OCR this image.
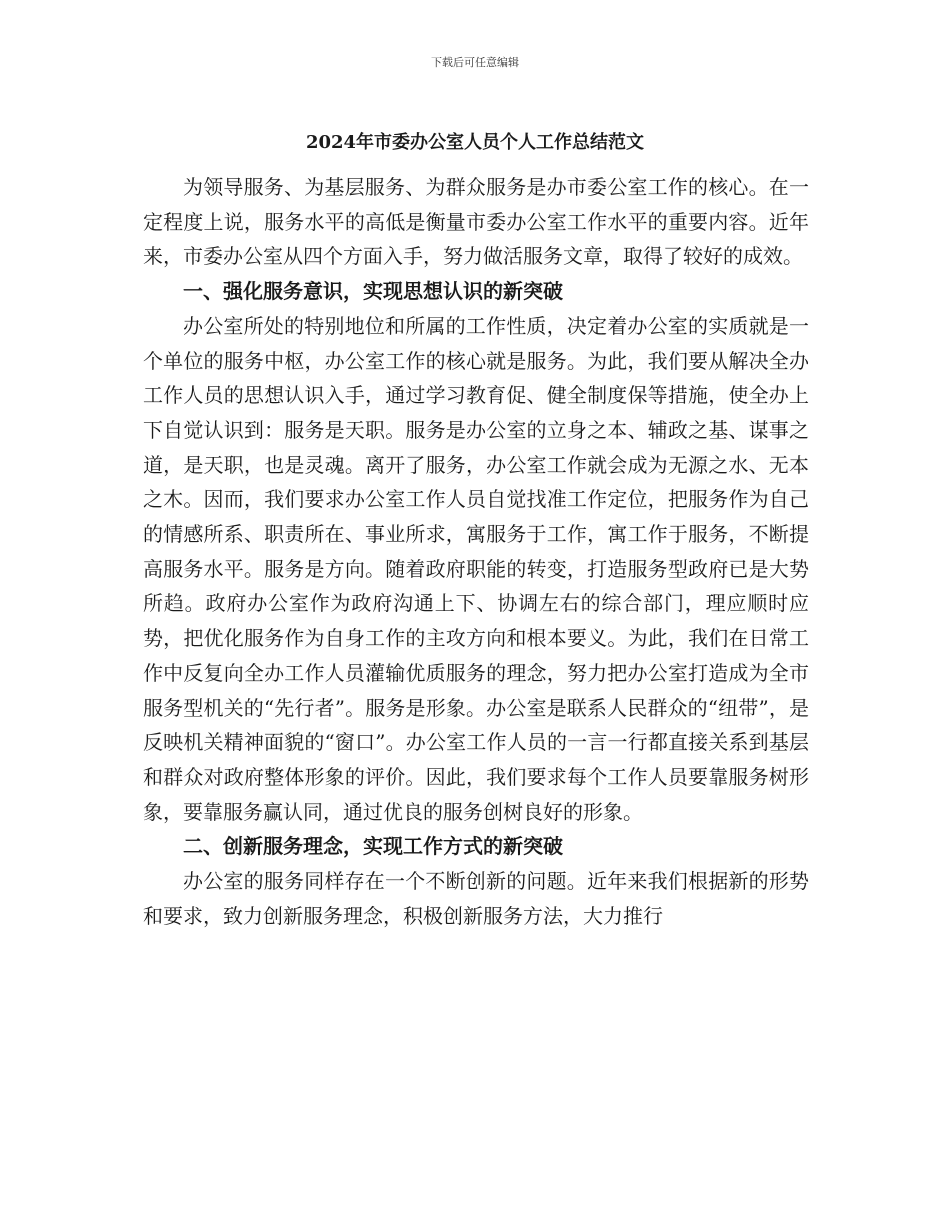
下载后可任意编辑
2024年市委办公室人员个人工作总结范文

为领导服务、为基层服务、为群众服务是办市委公室工作的核心。在一定程度上说，服务水平的高低是衡量市委办公室工作水平的重要内容。近年来，市委办公室从四个方面入手，努力做活服务文章，取得了较好的成效。

一、强化服务意识，实现思想认识的新突破

办公室所处的特别地位和所属的工作性质，决定着办公室的实质就是一个单位的服务中枢，办公室工作的核心就是服务。为此，我们要从解决全办工作人员的思想认识入手，通过学习教育促、健全制度保等措施，使全办上下自觉认识到：服务是天职。服务是办公室的立身之本、辅政之基、谋事之道，是天职，也是灵魂。离开了服务，办公室工作就会成为无源之水、无本之木。因而，我们要求办公室工作人员自觉找准工作定位，把服务作为自己的情感所系、职责所在、事业所求，寓服务于工作，寓工作于服务，不断提高服务水平。服务是方向。随着政府职能的转变，打造服务型政府已是大势所趋。政府办公室作为政府沟通上下、协调左右的综合部门，理应顺时应势，把优化服务作为自身工作的主攻方向和根本要义。为此，我们在日常工作中反复向全办工作人员灌输优质服务的理念，努力把办公室打造成为全市服务型机关的“先行者”。服务是形象。办公室是联系人民群众的“纽带”，是反映机关精神面貌的“窗口”。办公室工作人员的一言一行都直接关系到基层和群众对政府整体形象的评价。因此，我们要求每个工作人员要靠服务树形象，要靠服务赢认同，通过优良的服务创树良好的形象。

二、创新服务理念，实现工作方式的新突破

办公室的服务同样存在一个不断创新的问题。近年来我们根据新的形势和要求，致力创新服务理念，积极创新服务方法，大力推行
